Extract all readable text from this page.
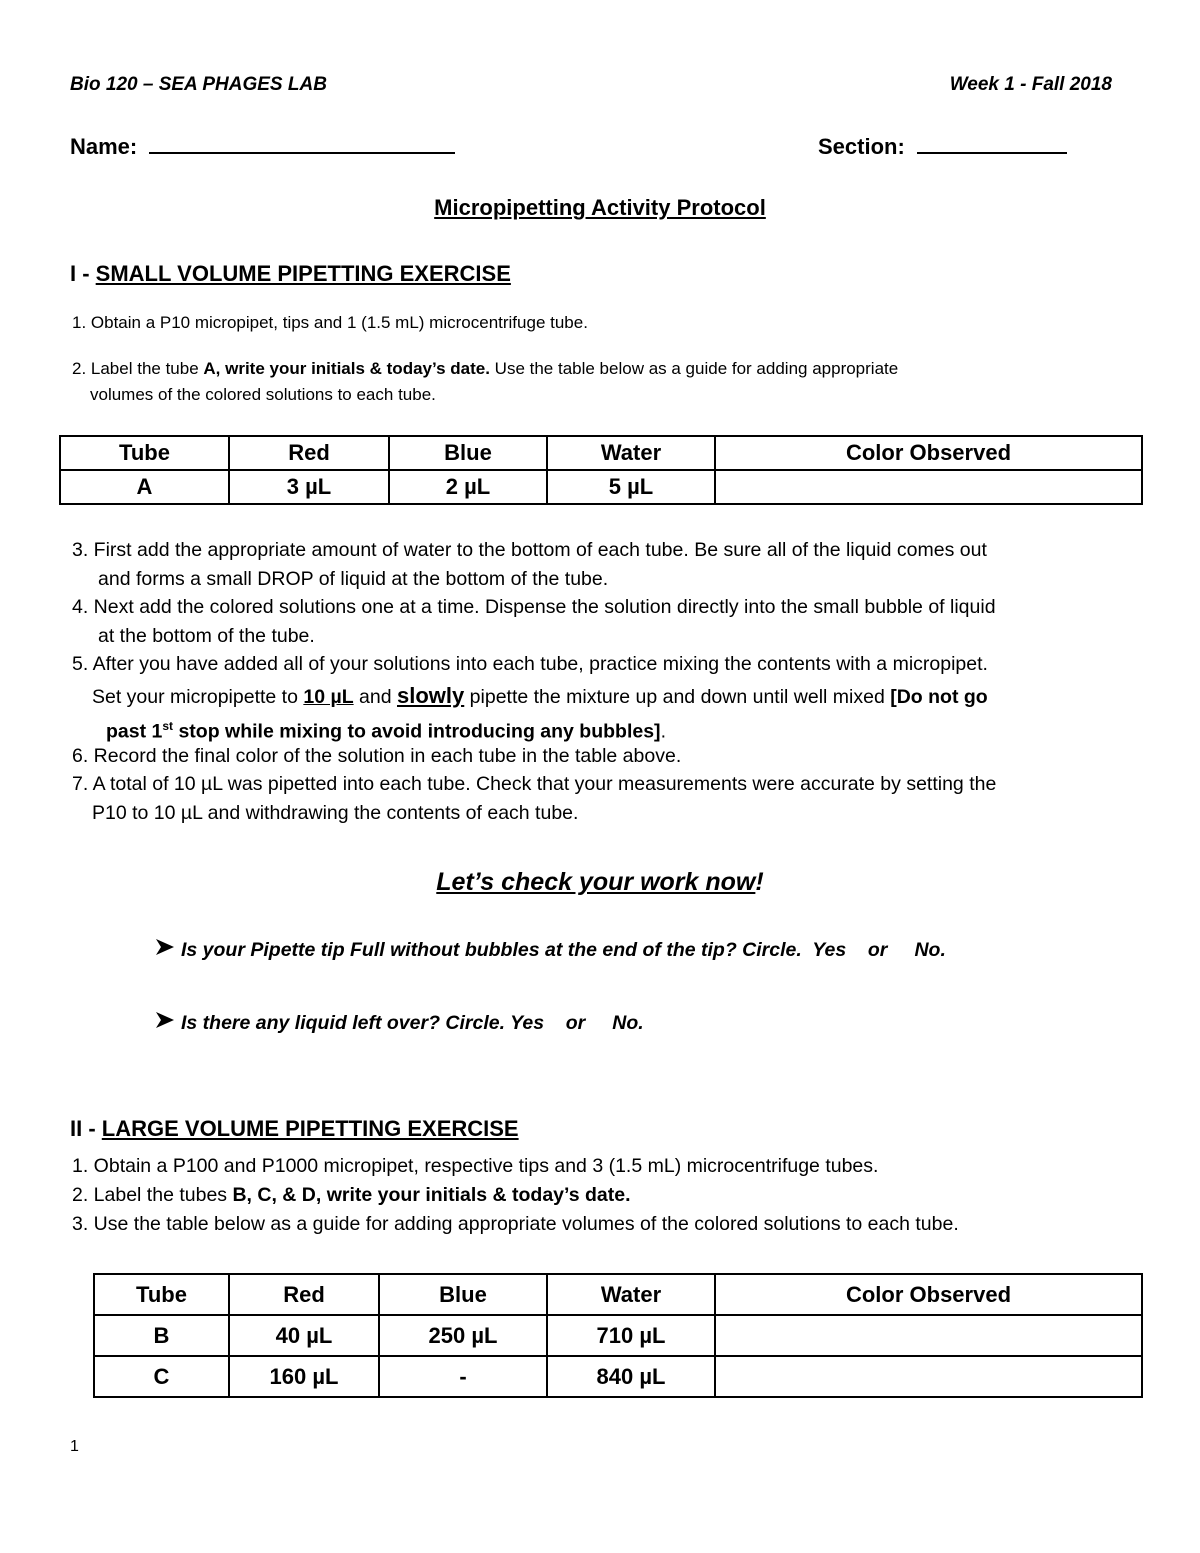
Bio 120 – SEA PHAGES LAB	Week 1 - Fall 2018
Name:	Section:
Micropipetting Activity Protocol
I - SMALL VOLUME PIPETTING EXERCISE
1. Obtain a P10 micropipet, tips and 1 (1.5 mL) microcentrifuge tube.
2. Label the tube A, write your initials & today’s date. Use the table below as a guide for adding appropriate
volumes of the colored solutions to each tube.
Tube	Red	Blue	Water	Color Observed
A	3 µL	2 µL	5 µL	
3. First add the appropriate amount of water to the bottom of each tube. Be sure all of the liquid comes out
and forms a small DROP of liquid at the bottom of the tube.
4. Next add the colored solutions one at a time. Dispense the solution directly into the small bubble of liquid
at the bottom of the tube.
5. After you have added all of your solutions into each tube, practice mixing the contents with a micropipet.
Set your micropipette to 10 µL and slowly pipette the mixture up and down until well mixed [Do not go
past 1st stop while mixing to avoid introducing any bubbles].
6. Record the final color of the solution in each tube in the table above.
7. A total of 10 µL was pipetted into each tube. Check that your measurements were accurate by setting the
P10 to 10 µL and withdrawing the contents of each tube.
Let’s check your work now!
Is your Pipette tip Full without bubbles at the end of the tip? Circle.  Yes    or     No.
Is there any liquid left over? Circle. Yes    or     No.
II - LARGE VOLUME PIPETTING EXERCISE
1. Obtain a P100 and P1000 micropipet, respective tips and 3 (1.5 mL) microcentrifuge tubes.
2. Label the tubes B, C, & D, write your initials & today’s date.
3. Use the table below as a guide for adding appropriate volumes of the colored solutions to each tube.
Tube	Red	Blue	Water	Color Observed
B	40 µL	250 µL	710 µL	
C	160 µL	-	840 µL	
1
